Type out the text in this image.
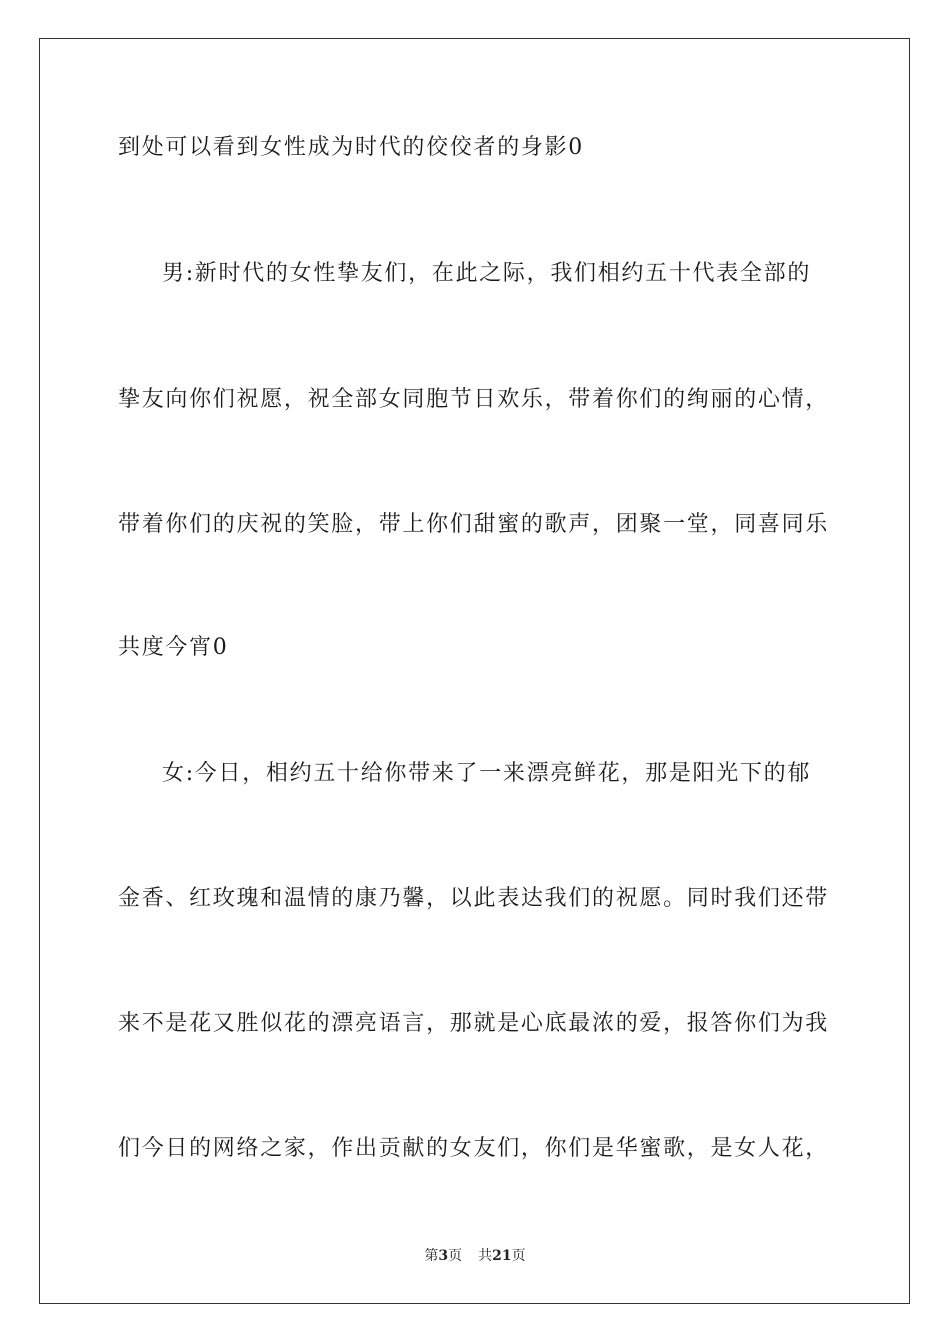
到处可以看到女性成为时代的佼佼者的身影0
男:新时代的女性挚友们，在此之际，我们相约五十代表全部的
挚友向你们祝愿，祝全部女同胞节日欢乐，带着你们的绚丽的心情，
带着你们的庆祝的笑脸，带上你们甜蜜的歌声，团聚一堂，同喜同乐
共度今宵0
女:今日，相约五十给你带来了一来漂亮鲜花，那是阳光下的郁
金香、红玫瑰和温情的康乃馨，以此表达我们的祝愿。同时我们还带
来不是花又胜似花的漂亮语言，那就是心底最浓的爱，报答你们为我
们今日的网络之家，作出贡献的女友们，你们是华蜜歌，是女人花，
第3页 共21页
